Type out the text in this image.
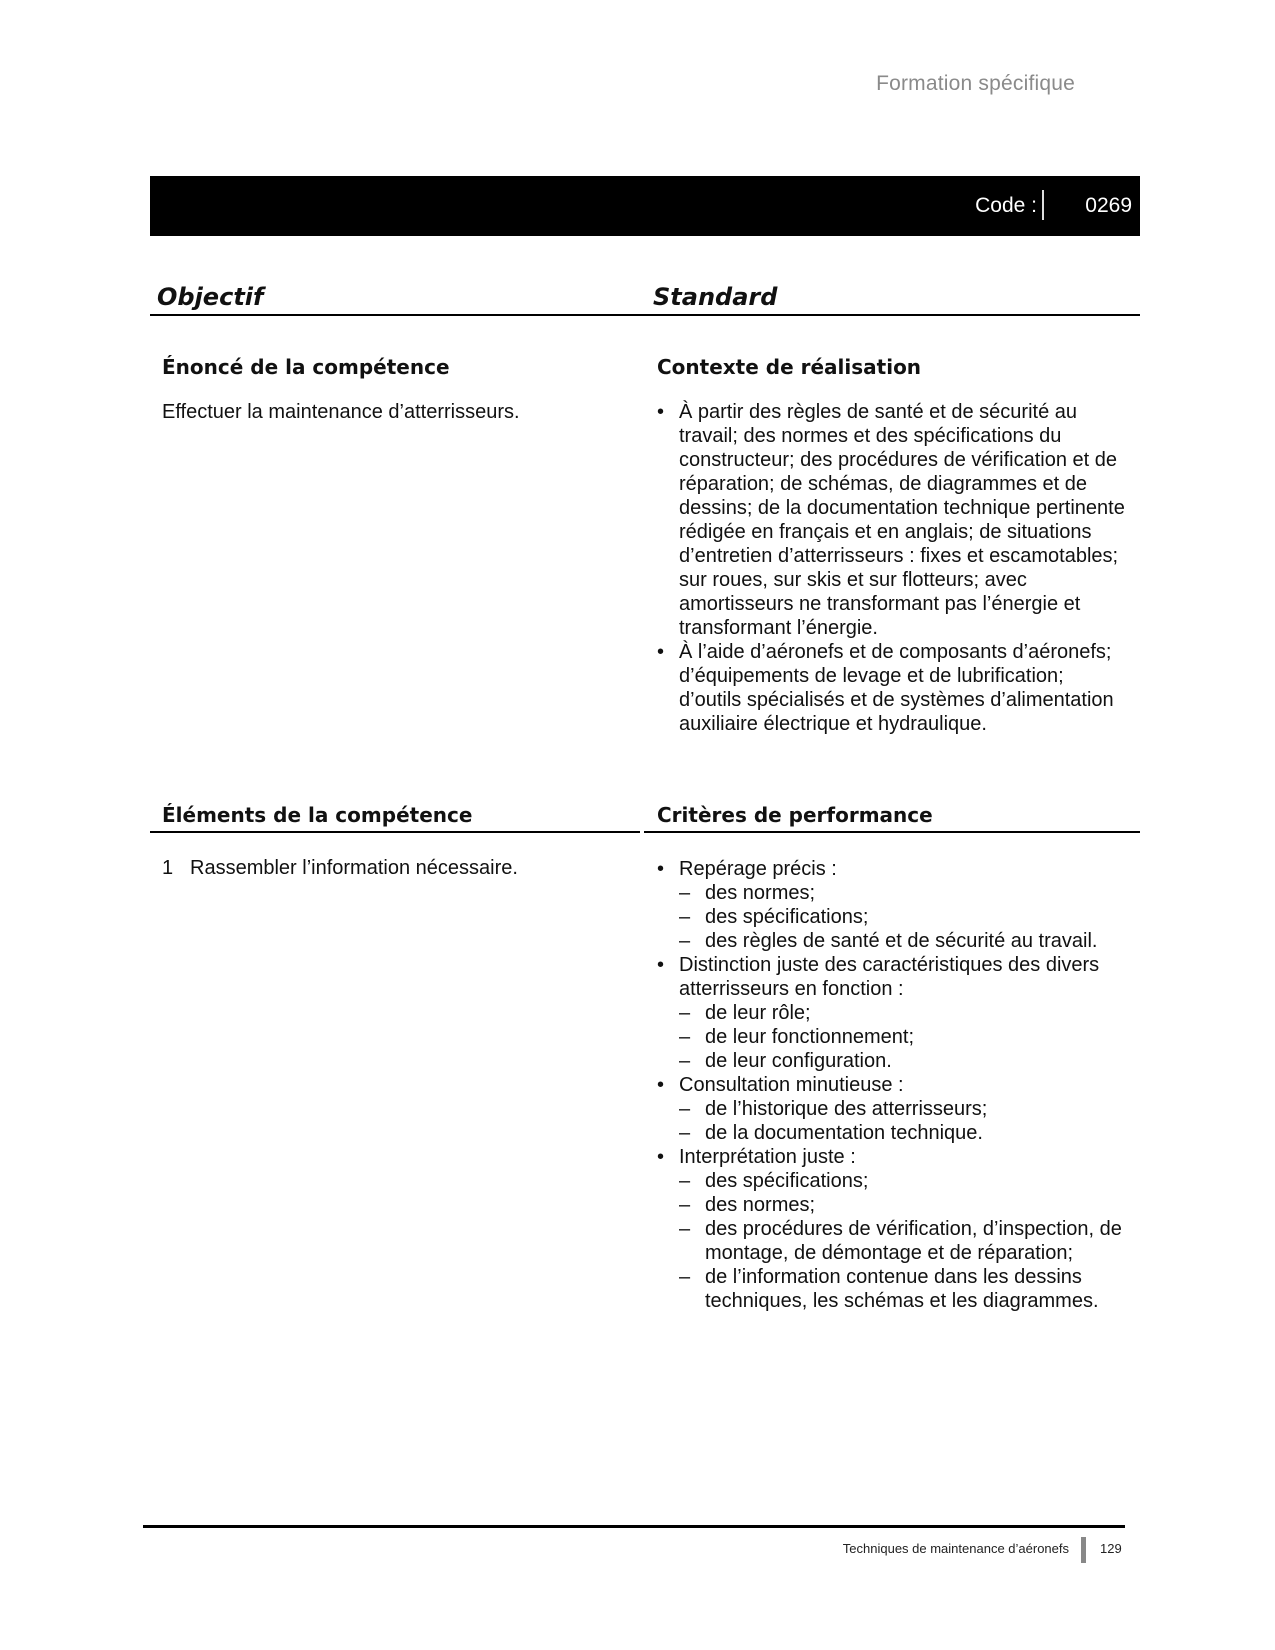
Formation spécifique
Code : 0269
Objectif	Standard
Énoncé de la compétence
Effectuer la maintenance d’atterrisseurs.
Contexte de réalisation
• À partir des règles de santé et de sécurité au travail; des normes et des spécifications du constructeur; des procédures de vérification et de réparation; de schémas, de diagrammes et de dessins; de la documentation technique pertinente rédigée en français et en anglais; de situations d’entretien d’atterrisseurs : fixes et escamotables; sur roues, sur skis et sur flotteurs; avec amortisseurs ne transformant pas l’énergie et transformant l’énergie.
• À l’aide d’aéronefs et de composants d’aéronefs; d’équipements de levage et de lubrification; d’outils spécialisés et de systèmes d’alimentation auxiliaire électrique et hydraulique.
Éléments de la compétence	Critères de performance
1 Rassembler l’information nécessaire.
•	Repérage précis :
– des normes;
– des spécifications;
– des règles de santé et de sécurité au travail.
• Distinction juste des caractéristiques des divers atterrisseurs en fonction :
– de leur rôle;
– de leur fonctionnement;
– de leur configuration.
• Consultation minutieuse :
– de l’historique des atterrisseurs;
– de la documentation technique.
• Interprétation juste :
– des spécifications;
– des normes;
– des procédures de vérification, d’inspection, de montage, de démontage et de réparation;
– de l’information contenue dans les dessins techniques, les schémas et les diagrammes.
Techniques de maintenance d’aéronefs 129
